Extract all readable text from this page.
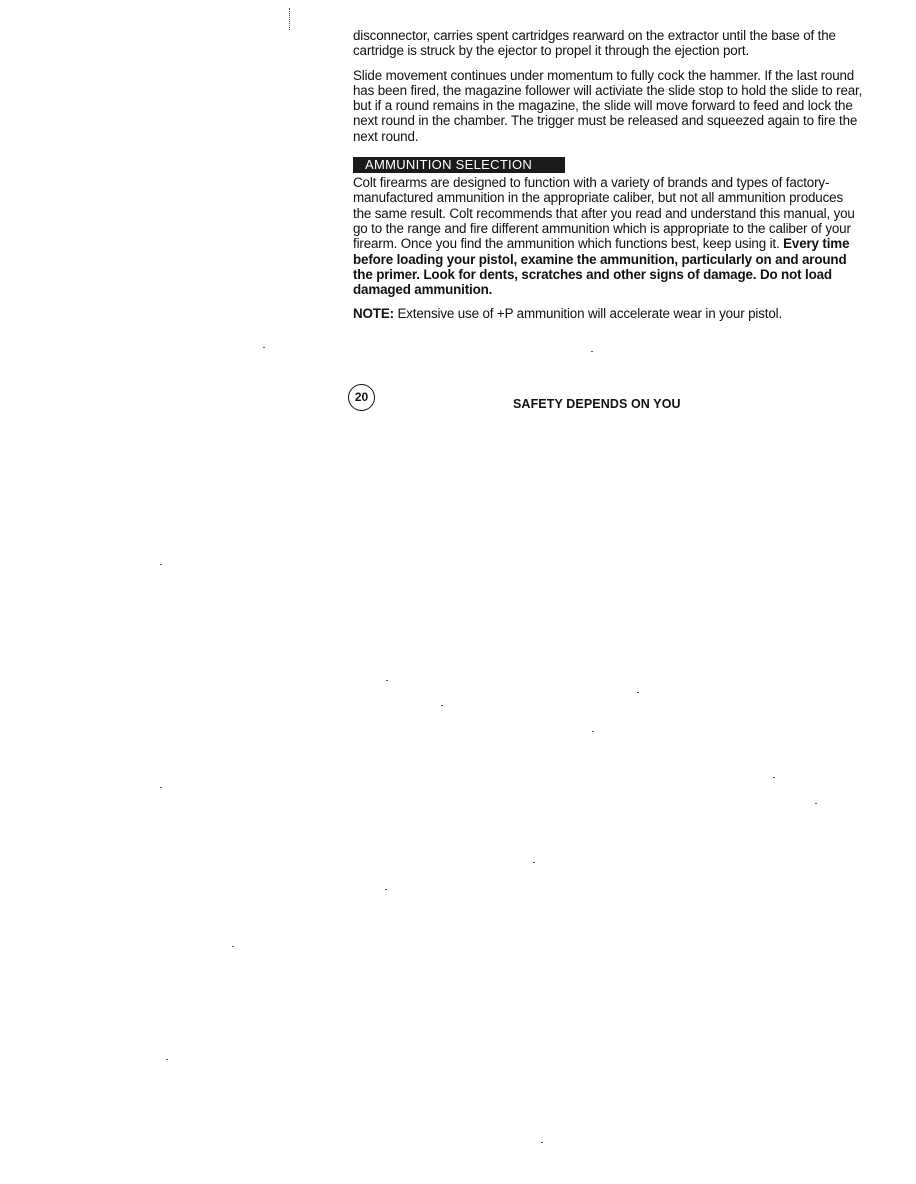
disconnector, carries spent cartridges rearward on the extractor until the base of the cartridge is struck by the ejector to propel it through the ejection port.

Slide movement continues under momentum to fully cock the hammer. If the last round has been fired, the magazine follower will activiate the slide stop to hold the slide to rear, but if a round remains in the magazine, the slide will move forward to feed and lock the next round in the chamber. The trigger must be released and squeezed again to fire the next round.

AMMUNITION SELECTION

Colt firearms are designed to function with a variety of brands and types of factory-manufactured ammunition in the appropriate caliber, but not all ammunition produces the same result. Colt recommends that after you read and understand this manual, you go to the range and fire different ammunition which is appropriate to the caliber of your firearm. Once you find the ammunition which functions best, keep using it. Every time before loading your pistol, examine the ammunition, particularly on and around the primer. Look for dents, scratches and other signs of damage. Do not load damaged ammunition.

NOTE: Extensive use of +P ammunition will accelerate wear in your pistol.

20	SAFETY DEPENDS ON YOU
